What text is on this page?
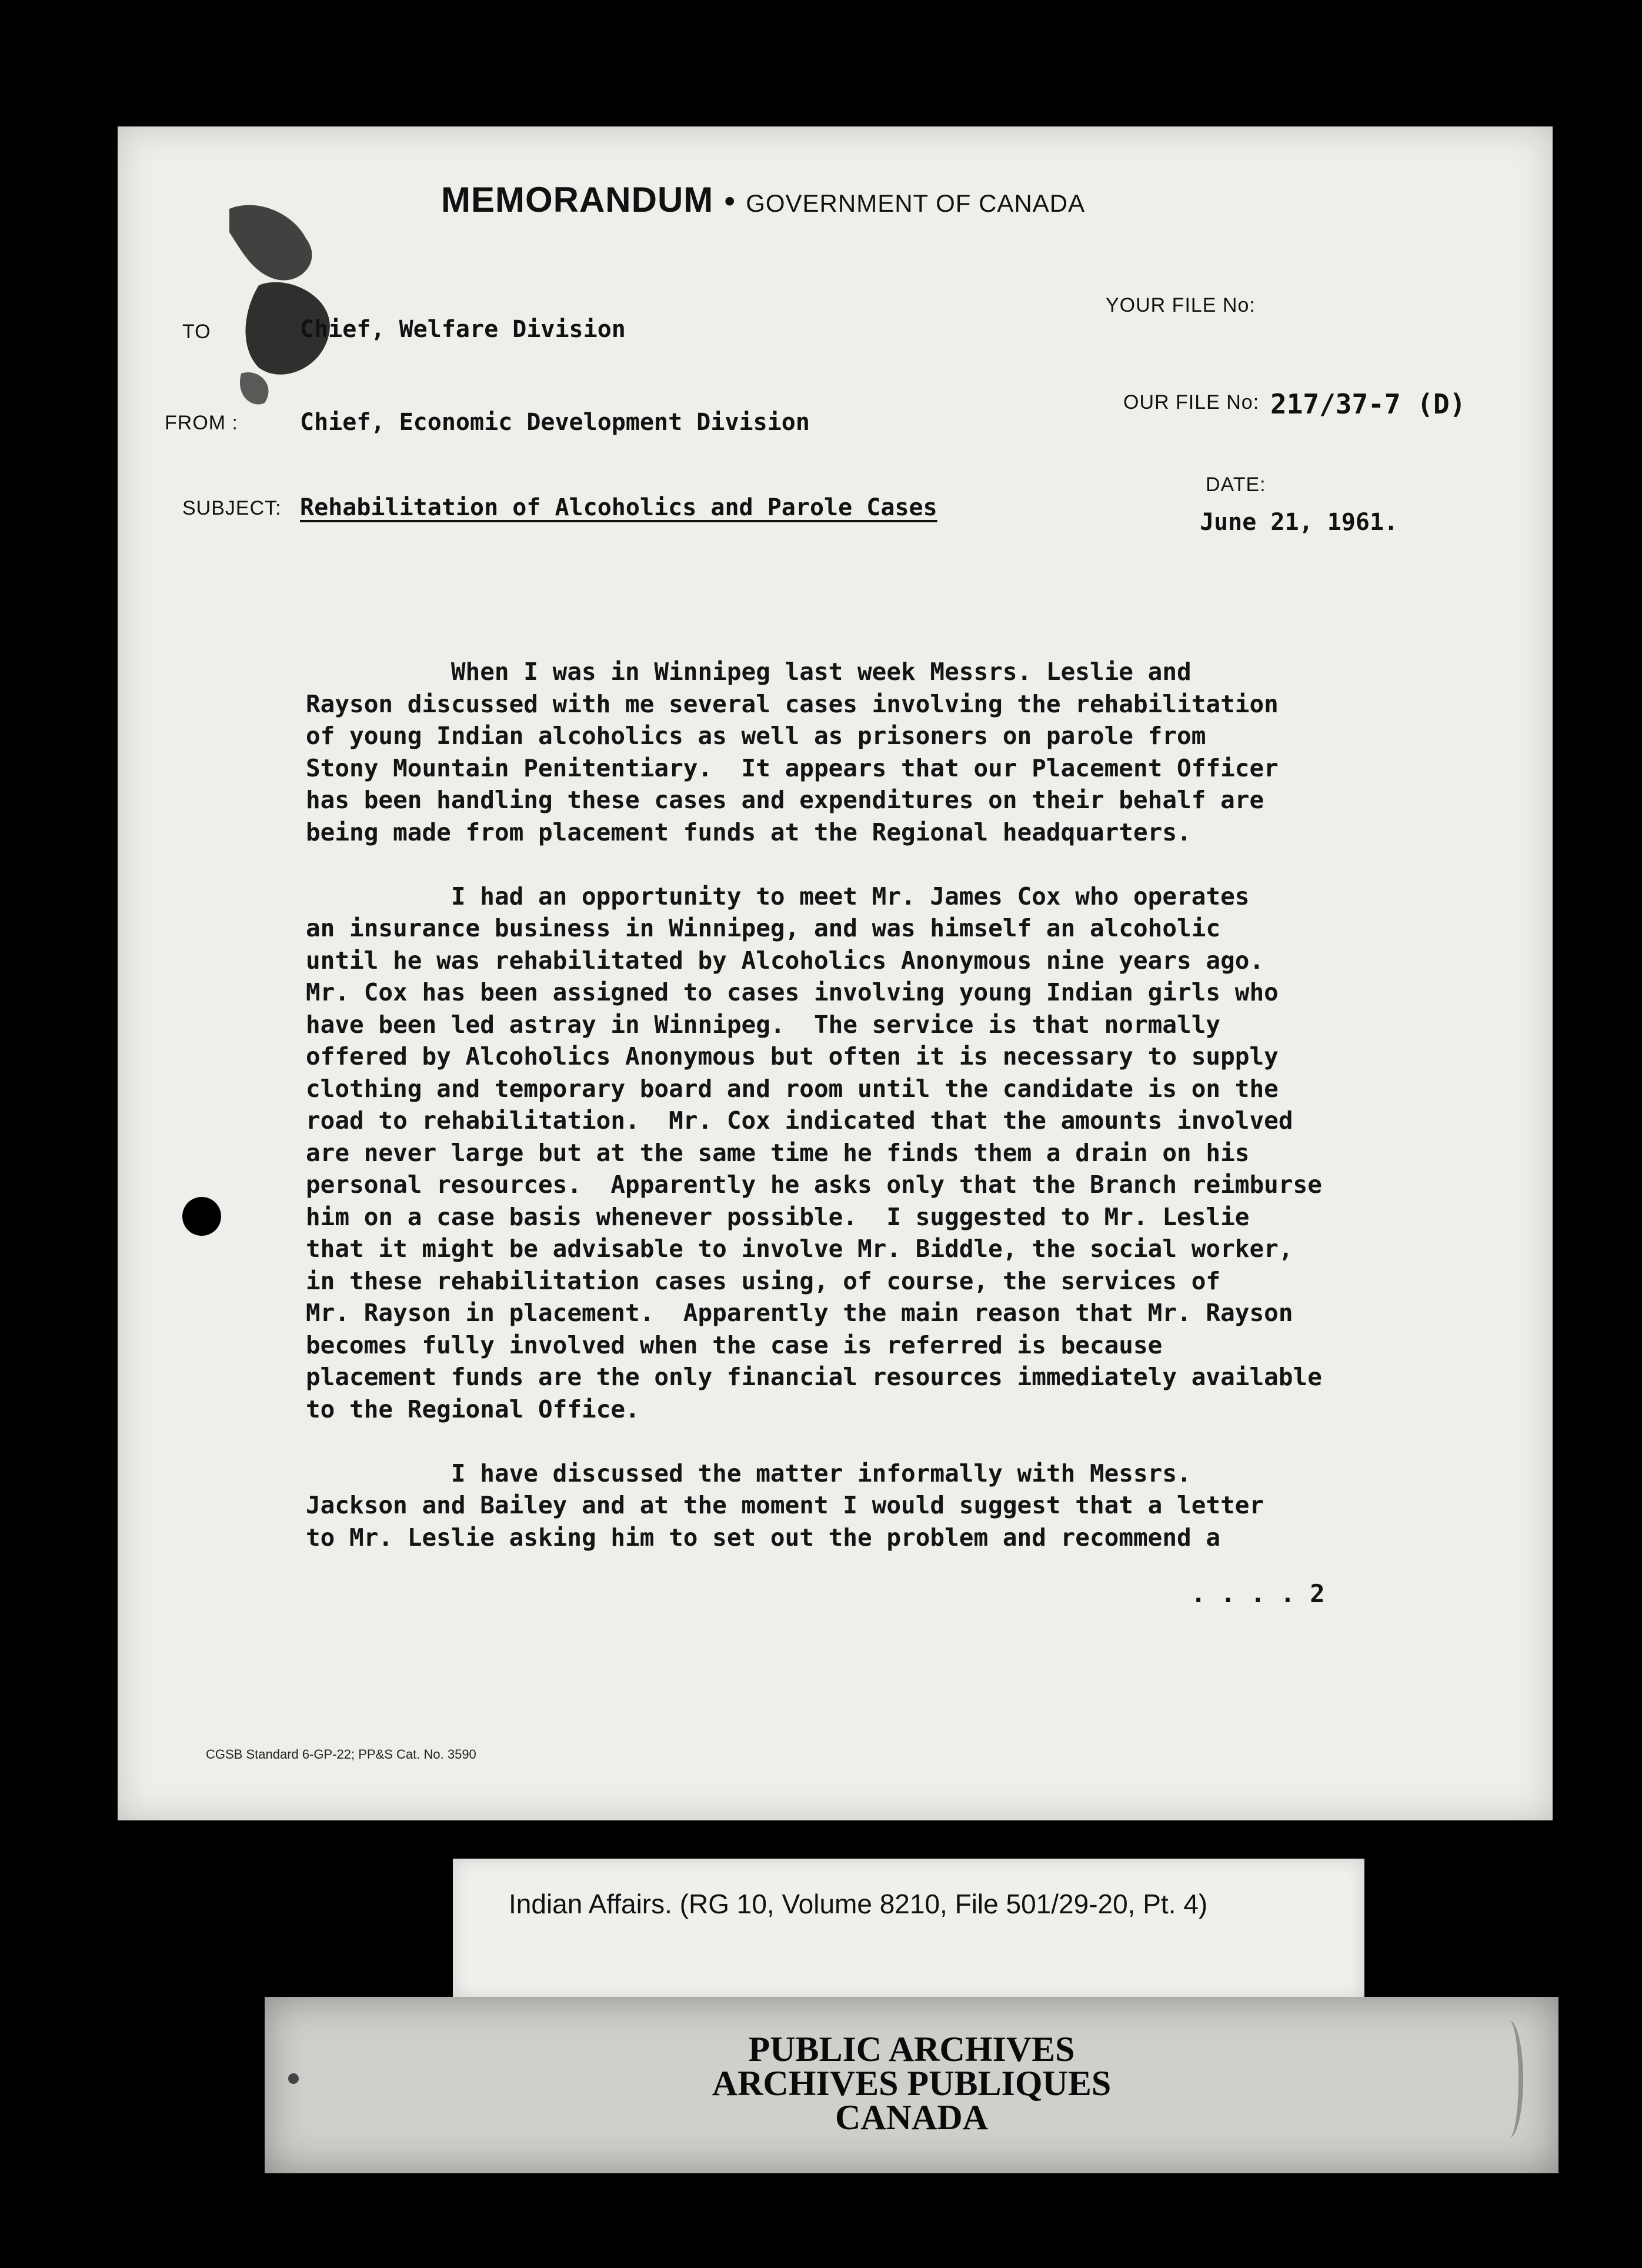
MEMORANDUM • GOVERNMENT OF CANADA
TO	Chief, Welfare Division
YOUR FILE No:
FROM :	Chief, Economic Development Division
OUR FILE No: 217/37-7 (D)
DATE:
June 21, 1961.
SUBJECT: Rehabilitation of Alcoholics and Parole Cases
When I was in Winnipeg last week Messrs. Leslie and
Rayson discussed with me several cases involving the rehabilitation
of young Indian alcoholics as well as prisoners on parole from
Stony Mountain Penitentiary.  It appears that our Placement Officer
has been handling these cases and expenditures on their behalf are
being made from placement funds at the Regional headquarters.

I had an opportunity to meet Mr. James Cox who operates
an insurance business in Winnipeg, and was himself an alcoholic
until he was rehabilitated by Alcoholics Anonymous nine years ago.
Mr. Cox has been assigned to cases involving young Indian girls who
have been led astray in Winnipeg.  The service is that normally
offered by Alcoholics Anonymous but often it is necessary to supply
clothing and temporary board and room until the candidate is on the
road to rehabilitation.  Mr. Cox indicated that the amounts involved
are never large but at the same time he finds them a drain on his
personal resources.  Apparently he asks only that the Branch reimburse
him on a case basis whenever possible.  I suggested to Mr. Leslie
that it might be advisable to involve Mr. Biddle, the social worker,
in these rehabilitation cases using, of course, the services of
Mr. Rayson in placement.  Apparently the main reason that Mr. Rayson
becomes fully involved when the case is referred is because
placement funds are the only financial resources immediately available
to the Regional Office.

I have discussed the matter informally with Messrs.
Jackson and Bailey and at the moment I would suggest that a letter
to Mr. Leslie asking him to set out the problem and recommend a
. . . . 2
CGSB Standard 6-GP-22; PP&S Cat. No. 3590
Indian Affairs. (RG 10, Volume 8210, File 501/29-20, Pt. 4)
PUBLIC ARCHIVES
ARCHIVES PUBLIQUES
CANADA
